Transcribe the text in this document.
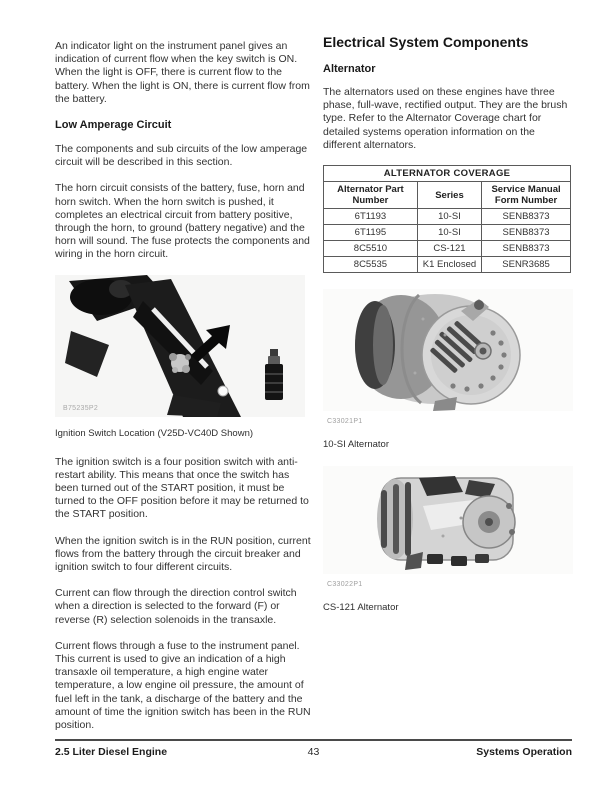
An indicator light on the instrument panel gives an indication of current flow when the key switch is ON. When the light is OFF, there is current flow to the battery. When the light is ON, there is current flow from the battery.

Low Amperage Circuit

The components and sub circuits of the low amperage circuit will be described in this section.

The horn circuit consists of the battery, fuse, horn and horn switch. When the horn switch is pushed, it completes an electrical circuit from battery positive, through the horn, to ground (battery negative) and the horn will sound. The fuse protects the components and wiring in the horn circuit.

B75235P2

Ignition Switch Location (V25D-VC40D Shown)

The ignition switch is a four position switch with anti-restart ability. This means that once the switch has been turned out of the START position, it must be turned to the OFF position before it may be returned to the START position.

When the ignition switch is in the RUN position, current flows from the battery through the circuit breaker and ignition switch to four different circuits.

Current can flow through the direction control switch when a direction is selected to the forward (F) or reverse (R) selection solenoids in the transaxle.

Current flows through a fuse to the instrument panel. This current is used to give an indication of a high transaxle oil temperature, a high engine water temperature, a low engine oil pressure, the amount of fuel left in the tank, a discharge of the battery and the amount of time the ignition switch has been in the RUN position.

Electrical System Components
Alternator

The alternators used on these engines have three phase, full-wave, rectified output. They are the brush type. Refer to the Alternator Coverage chart for detailed systems operation information on the different alternators.

ALTERNATOR COVERAGE		
Alternator Part Number	Series	Service Manual Form Number
6T1193	10-SI	SENB8373
6T1195	10-SI	SENB8373
8C5510	CS-121	SENB8373
8C5535	K1 Enclosed	SENR3685
C33021P1

10-SI Alternator

C33022P1

CS-121 Alternator

2.5 Liter Diesel Engine	43	Systems Operation
